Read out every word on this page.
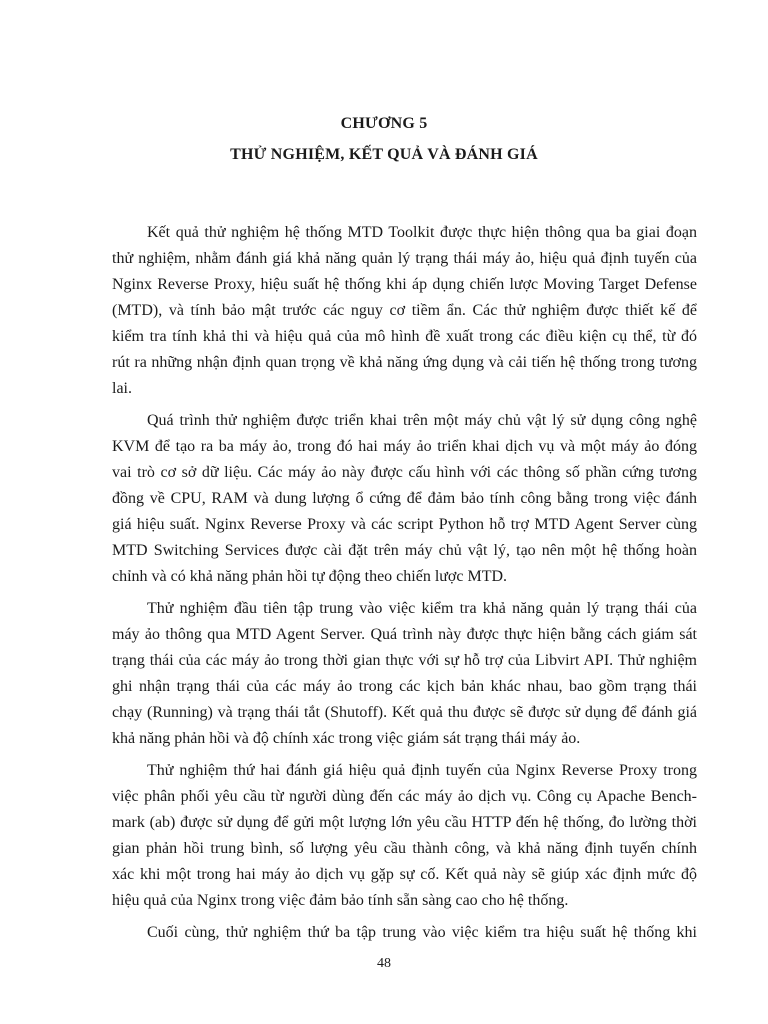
CHƯƠNG 5
THỬ NGHIỆM, KẾT QUẢ VÀ ĐÁNH GIÁ
Kết quả thử nghiệm hệ thống MTD Toolkit được thực hiện thông qua ba giai đoạn
thử nghiệm, nhằm đánh giá khả năng quản lý trạng thái máy ảo, hiệu quả định tuyến của
Nginx Reverse Proxy, hiệu suất hệ thống khi áp dụng chiến lược Moving Target Defense
(MTD), và tính bảo mật trước các nguy cơ tiềm ẩn. Các thử nghiệm được thiết kế để
kiểm tra tính khả thi và hiệu quả của mô hình đề xuất trong các điều kiện cụ thể, từ đó
rút ra những nhận định quan trọng về khả năng ứng dụng và cải tiến hệ thống trong tương
lai.
Quá trình thử nghiệm được triển khai trên một máy chủ vật lý sử dụng công nghệ
KVM để tạo ra ba máy ảo, trong đó hai máy ảo triển khai dịch vụ và một máy ảo đóng
vai trò cơ sở dữ liệu. Các máy ảo này được cấu hình với các thông số phần cứng tương
đồng về CPU, RAM và dung lượng ổ cứng để đảm bảo tính công bằng trong việc đánh
giá hiệu suất. Nginx Reverse Proxy và các script Python hỗ trợ MTD Agent Server cùng
MTD Switching Services được cài đặt trên máy chủ vật lý, tạo nên một hệ thống hoàn
chỉnh và có khả năng phản hồi tự động theo chiến lược MTD.
Thử nghiệm đầu tiên tập trung vào việc kiểm tra khả năng quản lý trạng thái của
máy ảo thông qua MTD Agent Server. Quá trình này được thực hiện bằng cách giám sát
trạng thái của các máy ảo trong thời gian thực với sự hỗ trợ của Libvirt API. Thử nghiệm
ghi nhận trạng thái của các máy ảo trong các kịch bản khác nhau, bao gồm trạng thái
chạy (Running) và trạng thái tắt (Shutoff). Kết quả thu được sẽ được sử dụng để đánh giá
khả năng phản hồi và độ chính xác trong việc giám sát trạng thái máy ảo.
Thử nghiệm thứ hai đánh giá hiệu quả định tuyến của Nginx Reverse Proxy trong
việc phân phối yêu cầu từ người dùng đến các máy ảo dịch vụ. Công cụ Apache Bench-
mark (ab) được sử dụng để gửi một lượng lớn yêu cầu HTTP đến hệ thống, đo lường thời
gian phản hồi trung bình, số lượng yêu cầu thành công, và khả năng định tuyến chính
xác khi một trong hai máy ảo dịch vụ gặp sự cố. Kết quả này sẽ giúp xác định mức độ
hiệu quả của Nginx trong việc đảm bảo tính sẵn sàng cao cho hệ thống.
Cuối cùng, thử nghiệm thứ ba tập trung vào việc kiểm tra hiệu suất hệ thống khi
48
